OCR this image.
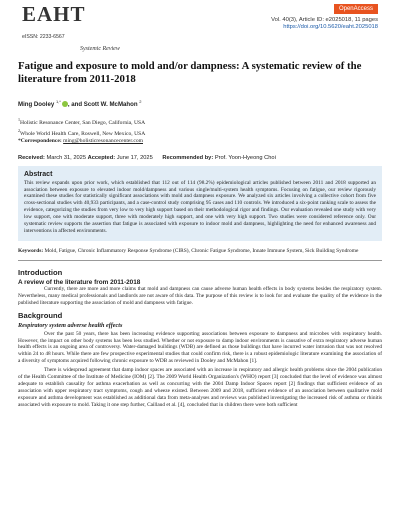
EAHT
eISSN: 2233-6567
OpenAccess
Vol. 40(3), Article ID: e2025018, 11 pages
https://doi.org/10.5620/eaht.2025018
Systemic Review
Fatigue and exposure to mold and/or dampness: A systematic review of the literature from 2011-2018
Ming Dooley $^{1,*}$ , and Scott W. McMahon $^2$
$^1$Holistic Resonance Center, San Diego, California, USA
$^2$Whole World Health Care, Roswell, New Mexico, USA
*Correspondence: ming@holisticresonancecenter.com
Received: March 31, 2025 Accepted: June 17, 2025 Recommended by: Prof. Yoon-Hyeong Choi
Abstract

This review expands upon prior work, which established that 112 out of 114 (98.2%) epidemiological articles published between 2011 and 2018 supported an association between exposure to elevated indoor mold/dampness and various single/multi-system health symptoms. Focusing on fatigue, our review rigorously examined these studies for statistically significant associations with mold and dampness exposure. We analyzed six articles involving a collective cohort from five cross-sectional studies with 40,933 participants, and a case-control study comprising 95 cases and 110 controls. We introduced a six-point ranking scale to assess the evidence, categorizing the studies from very low to very high support based on their methodological rigor and findings. Our evaluation revealed one study with very low support, one with moderate support, three with moderately high support, and one with very high support. Two studies were considered reference only. Our systematic review supports the assertion that fatigue is associated with exposure to indoor mold and dampness, highlighting the need for enhanced awareness and interventions in affected environments.

Keywords: Mold, Fatigue, Chronic Inflammatory Response Syndrome (CIRS), Chronic Fatigue Syndrome, Innate Immune System, Sick Building Syndrome
Introduction
A review of the literature from 2011-2018

Currently, there are more and more claims that mold and dampness can cause adverse human health effects in body systems besides the respiratory system. Nevertheless, many medical professionals and landlords are not aware of this data. The purpose of this review is to look for and evaluate the quality of the evidence in the published literature supporting the association of mold and dampness with fatigue.

Background
Respiratory system adverse health effects

Over the past 50 years, there has been increasing evidence supporting associations between exposure to dampness and microbes with respiratory health. However, the impact on other body systems has been less studied. Whether or not exposure to damp indoor environments is causative of extra respiratory adverse human health effects is an ongoing area of controversy. Water-damaged buildings (WDB) are defined as those buildings that have incurred water intrusion that was not resolved within 24 to 48 hours. While there are few prospective experimental studies that could confirm risk, there is a robust epidemiologic literature examining the association of a diversity of symptoms acquired following chronic exposure to WDB as reviewed in Dooley and McMahon [1].

There is widespread agreement that damp indoor spaces are associated with an increase in respiratory and allergic health problems since the 2004 publication of the Health Committee of the Institute of Medicine (IOM) [2]. The 2009 World Health Organization's (WHO) report [3] concluded that the level of evidence was almost adequate to establish causality for asthma exacerbation as well as concurring with the 2004 Damp Indoor Spaces report [2] findings that sufficient evidence of an association with upper respiratory tract symptoms, cough and wheeze existed. Between 2009 and 2018, sufficient evidence of an association between qualitative mold exposure and asthma development was established as additional data from meta-analyses and reviews was published investigating the increased risk of asthma or rhinitis associated with exposure to mold. Taking it one step further, Caillaud et al. [4], concluded that in children there were both sufficient
